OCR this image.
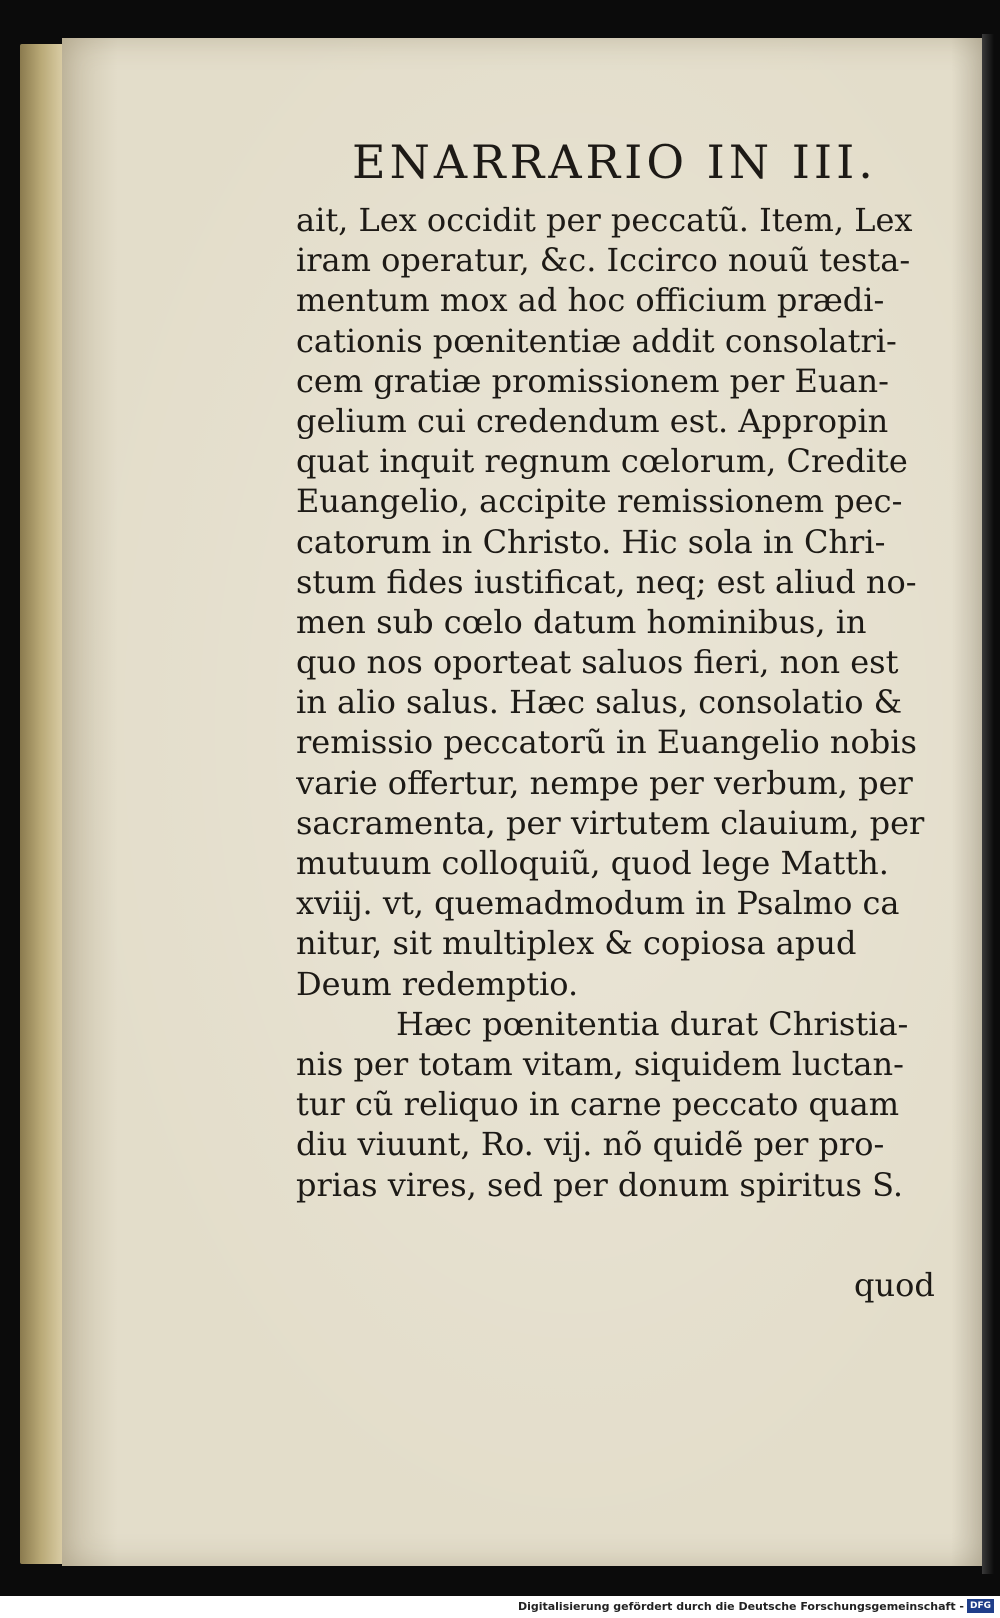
ENARRARIO IN III.
ait, Lex occidit per peccatũ. Item, Lex
iram operatur, &c. Iccirco nouũ testa-
mentum mox ad hoc officium prædi-
cationis pœnitentiæ addit consolatri-
cem gratiæ promissionem per Euan-
gelium cui credendum est. Appropin
quat inquit regnum cœlorum, Credite
Euangelio, accipite remissionem pec-
catorum in Christo. Hic sola in Chri-
stum fides iustificat, neq; est aliud no-
men sub cœlo datum hominibus, in
quo nos oporteat saluos fieri, non est
in alio salus. Hæc salus, consolatio &
remissio peccatorũ in Euangelio nobis
varie offertur, nempe per verbum, per
sacramenta, per virtutem clauium, per
mutuum colloquiũ, quod lege Matth.
xviij. vt, quemadmodum in Psalmo ca
nitur, sit multiplex & copiosa apud
Deum redemptio.
Hæc pœnitentia durat Christia-
nis per totam vitam, siquidem luctan-
tur cũ reliquo in carne peccato quam
diu viuunt, Ro. vij. nõ quidẽ per pro-
prias vires, sed per donum spiritus S.
quod
Digitalisierung gefördert durch die Deutsche Forschungsgemeinschaft - DFG
